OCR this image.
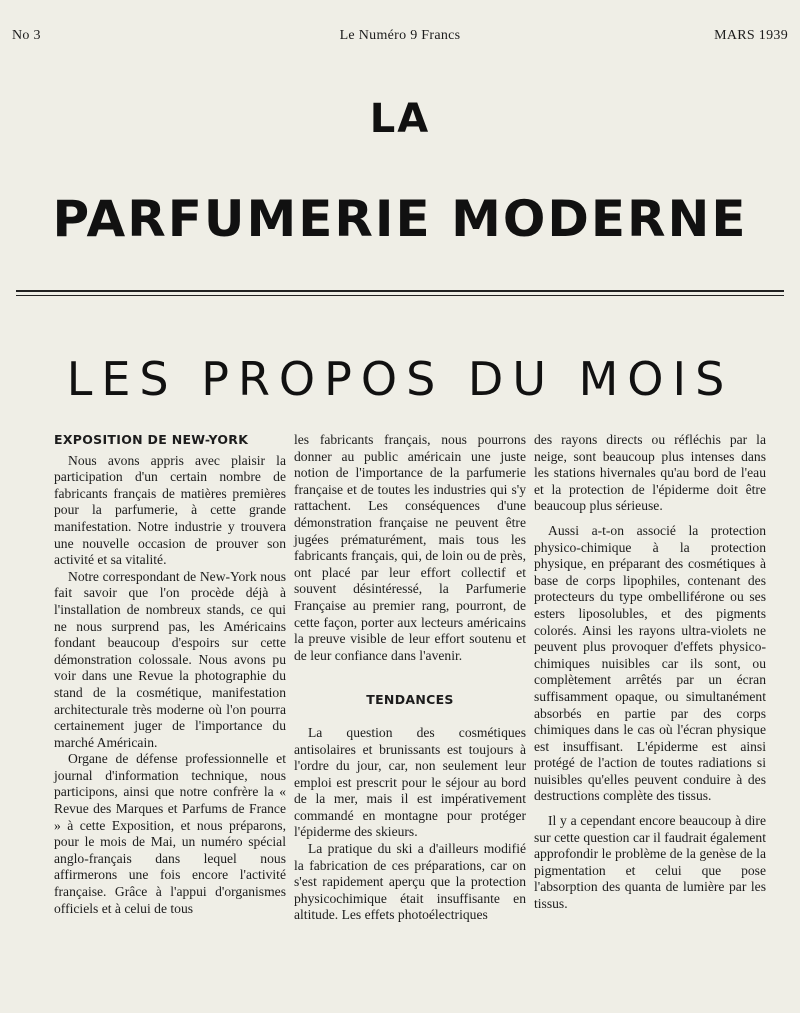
No 3	Le Numéro 9 Francs	MARS 1939
LA
PARFUMERIE MODERNE
LES PROPOS DU MOIS
EXPOSITION DE NEW-YORK

Nous avons appris avec plaisir la participation d'un certain nombre de fabricants français de matières premières pour la parfumerie, à cette grande manifestation. Notre industrie y trouvera une nouvelle occasion de prouver son activité et sa vitalité.

Notre correspondant de New-York nous fait savoir que l'on procède déjà à l'installation de nombreux stands, ce qui ne nous surprend pas, les Américains fondant beaucoup d'espoirs sur cette démonstration colossale. Nous avons pu voir dans une Revue la photographie du stand de la cosmétique, manifestation architecturale très moderne où l'on pourra certainement juger de l'importance du marché Américain.

Organe de défense professionnelle et journal d'information technique, nous participons, ainsi que notre confrère la « Revue des Marques et Parfums de France » à cette Exposition, et nous préparons, pour le mois de Mai, un numéro spécial anglo-français dans lequel nous affirmerons une fois encore l'activité française. Grâce à l'appui d'organismes officiels et à celui de tous

les fabricants français, nous pourrons donner au public américain une juste notion de l'importance de la parfumerie française et de toutes les industries qui s'y rattachent. Les conséquences d'une démonstration française ne peuvent être jugées prématurément, mais tous les fabricants français, qui, de loin ou de près, ont placé par leur effort collectif et souvent désintéressé, la Parfumerie Française au premier rang, pourront, de cette façon, porter aux lecteurs américains la preuve visible de leur effort soutenu et de leur confiance dans l'avenir.

TENDANCES

La question des cosmétiques antisolaires et brunissants est toujours à l'ordre du jour, car, non seulement leur emploi est prescrit pour le séjour au bord de la mer, mais il est impérativement commandé en montagne pour protéger l'épiderme des skieurs.

La pratique du ski a d'ailleurs modifié la fabrication de ces préparations, car on s'est rapidement aperçu que la protection physicochimique était insuffisante en altitude. Les effets photoélectriques

des rayons directs ou réfléchis par la neige, sont beaucoup plus intenses dans les stations hivernales qu'au bord de l'eau et la protection de l'épiderme doit être beaucoup plus sérieuse.

Aussi a-t-on associé la protection physico-chimique à la protection physique, en préparant des cosmétiques à base de corps lipophiles, contenant des protecteurs du type ombelliférone ou ses esters liposolubles, et des pigments colorés. Ainsi les rayons ultra-violets ne peuvent plus provoquer d'effets physico-chimiques nuisibles car ils sont, ou complètement arrêtés par un écran suffisamment opaque, ou simultanément absorbés en partie par des corps chimiques dans le cas où l'écran physique est insuffisant. L'épiderme est ainsi protégé de l'action de toutes radiations si nuisibles qu'elles peuvent conduire à des destructions complète des tissus.

Il y a cependant encore beaucoup à dire sur cette question car il faudrait également approfondir le problème de la genèse de la pigmentation et celui que pose l'absorption des quanta de lumière par les tissus.
